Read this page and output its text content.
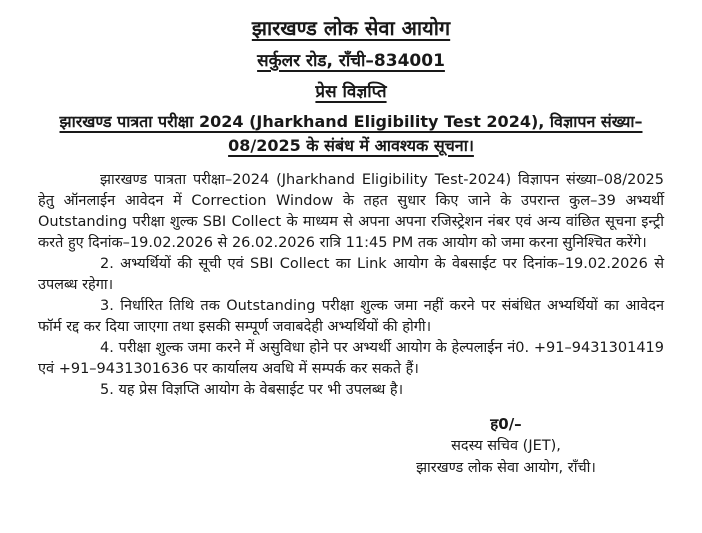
झारखण्ड लोक सेवा आयोग
सर्कुलर रोड, राँची–834001
प्रेस विज्ञप्ति
झारखण्ड पात्रता परीक्षा 2024 (Jharkhand Eligibility Test 2024), विज्ञापन संख्या–08/2025 के संबंध में आवश्यक सूचना।

झारखण्ड पात्रता परीक्षा–2024 (Jharkhand Eligibility Test-2024) विज्ञापन संख्या–08/2025 हेतु ऑनलाईन आवेदन में Correction Window के तहत सुधार किए जाने के उपरान्त कुल–39 अभ्यर्थी Outstanding परीक्षा शुल्क SBI Collect के माध्यम से अपना अपना रजिस्ट्रेशन नंबर एवं अन्य वांछित सूचना इन्ट्री करते हुए दिनांक–19.02.2026 से 26.02.2026 रात्रि 11:45 PM तक आयोग को जमा करना सुनिश्चित करेंगे।

2. अभ्यर्थियों की सूची एवं SBI Collect का Link आयोग के वेबसाईट पर दिनांक–19.02.2026 से उपलब्ध रहेगा।

3. निर्धारित तिथि तक Outstanding परीक्षा शुल्क जमा नहीं करने पर संबंधित अभ्यर्थियों का आवेदन फॉर्म रद्द कर दिया जाएगा तथा इसकी सम्पूर्ण जवाबदेही अभ्यर्थियों की होगी।

4. परीक्षा शुल्क जमा करने में असुविधा होने पर अभ्यर्थी आयोग के हेल्पलाईन नं0. +91–9431301419 एवं +91–9431301636 पर कार्यालय अवधि में सम्पर्क कर सकते हैं।

5. यह प्रेस विज्ञप्ति आयोग के वेबसाईट पर भी उपलब्ध है।

ह0/–
सदस्य सचिव (JET),
झारखण्ड लोक सेवा आयोग, राँची।
